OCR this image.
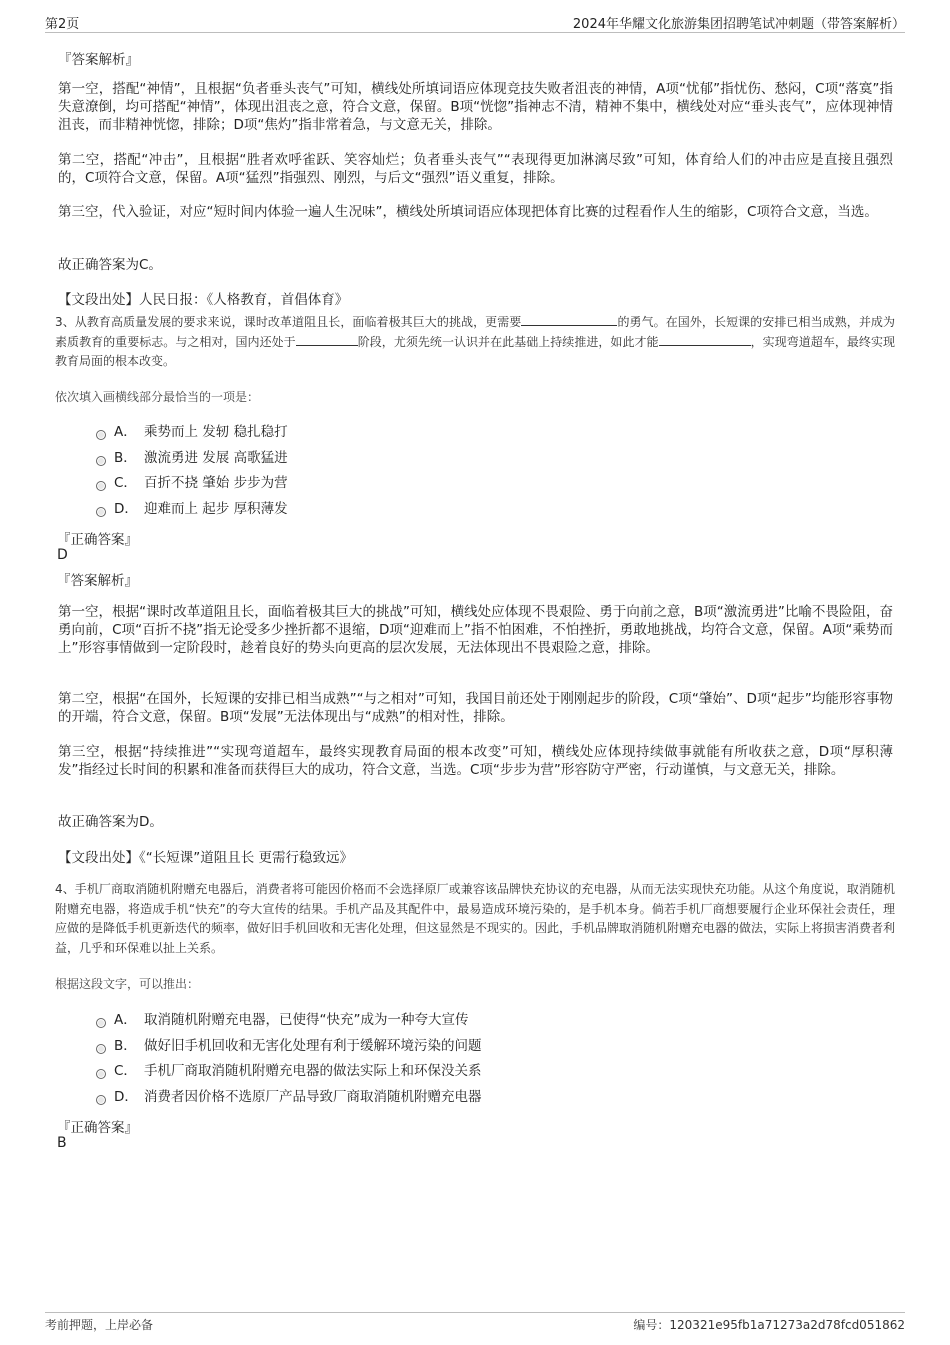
第2页	2024年华耀文化旅游集团招聘笔试冲刺题（带答案解析）
『答案解析』
第一空，搭配“神情”，且根据“负者垂头丧气”可知，横线处所填词语应体现竞技失败者沮丧的神情，A项“忧郁”指忧伤、愁闷，C项“落寞”指失意潦倒，均可搭配“神情”，体现出沮丧之意，符合文意，保留。B项“恍惚”指神志不清，精神不集中，横线处对应“垂头丧气”，应体现神情沮丧，而非精神恍惚，排除；D项“焦灼”指非常着急，与文意无关，排除。
第二空，搭配“冲击”，且根据“胜者欢呼雀跃、笑容灿烂；负者垂头丧气”“表现得更加淋漓尽致”可知，体育给人们的冲击应是直接且强烈的，C项符合文意，保留。A项“猛烈”指强烈、刚烈，与后文“强烈”语义重复，排除。
第三空，代入验证，对应“短时间内体验一遍人生况味”，横线处所填词语应体现把体育比赛的过程看作人生的缩影，C项符合文意，当选。
故正确答案为C。
【文段出处】人民日报：《人格教育，首倡体育》
3、从教育高质量发展的要求来说，课时改革道阻且长，面临着极其巨大的挑战，更需要	的勇气。在国外，长短课的安排已相当成熟，并成为素质教育的重要标志。与之相对，国内还处于	阶段，尤须先统一认识并在此基础上持续推进，如此才能	，实现弯道超车，最终实现教育局面的根本改变。
依次填入画横线部分最恰当的一项是：
A． 乘势而上 发轫 稳扎稳打
B． 激流勇进 发展 高歌猛进
C． 百折不挠 肇始 步步为营
D． 迎难而上 起步 厚积薄发
『正确答案』
D
『答案解析』
第一空，根据“课时改革道阻且长，面临着极其巨大的挑战”可知，横线处应体现不畏艰险、勇于向前之意，B项“激流勇进”比喻不畏险阻，奋勇向前，C项“百折不挠”指无论受多少挫折都不退缩，D项“迎难而上”指不怕困难，不怕挫折，勇敢地挑战，均符合文意，保留。A项“乘势而上”形容事情做到一定阶段时，趁着良好的势头向更高的层次发展，无法体现出不畏艰险之意，排除。
第二空，根据“在国外，长短课的安排已相当成熟”“与之相对”可知，我国目前还处于刚刚起步的阶段，C项“肇始”、D项“起步”均能形容事物的开端，符合文意，保留。B项“发展”无法体现出与“成熟”的相对性，排除。
第三空，根据“持续推进”“实现弯道超车，最终实现教育局面的根本改变”可知，横线处应体现持续做事就能有所收获之意，D项“厚积薄发”指经过长时间的积累和准备而获得巨大的成功，符合文意，当选。C项“步步为营”形容防守严密，行动谨慎，与文意无关，排除。
故正确答案为D。
【文段出处】《“长短课”道阻且长 更需行稳致远》
4、手机厂商取消随机附赠充电器后，消费者将可能因价格而不会选择原厂或兼容该品牌快充协议的充电器，从而无法实现快充功能。从这个角度说，取消随机附赠充电器，将造成手机“快充”的夸大宣传的结果。手机产品及其配件中，最易造成环境污染的，是手机本身。倘若手机厂商想要履行企业环保社会责任，理应做的是降低手机更新迭代的频率，做好旧手机回收和无害化处理，但这显然是不现实的。因此，手机品牌取消随机附赠充电器的做法，实际上将损害消费者利益，几乎和环保难以扯上关系。
根据这段文字，可以推出：
A． 取消随机附赠充电器，已使得“快充”成为一种夸大宣传
B． 做好旧手机回收和无害化处理有利于缓解环境污染的问题
C． 手机厂商取消随机附赠充电器的做法实际上和环保没关系
D． 消费者因价格不选原厂产品导致厂商取消随机附赠充电器
『正确答案』
B
考前押题，上岸必备	编号：120321e95fb1a71273a2d78fcd051862
